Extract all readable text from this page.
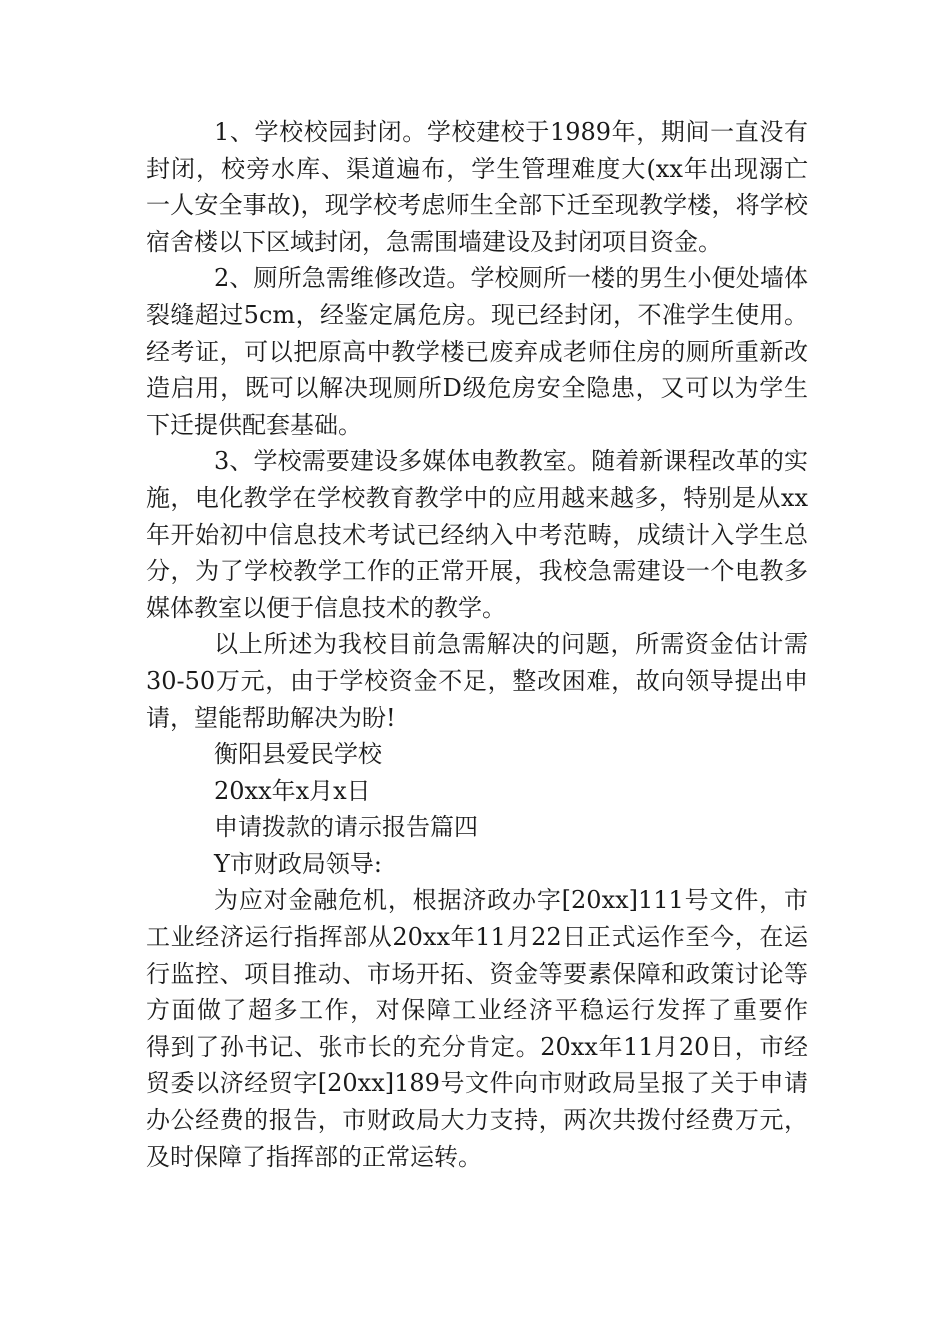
1、学校校园封闭。学校建校于1989年，期间一直没有
封闭，校旁水库、渠道遍布，学生管理难度大(xx年出现溺亡
一人安全事故)，现学校考虑师生全部下迁至现教学楼，将学校
宿舍楼以下区域封闭，急需围墙建设及封闭项目资金。
2、厕所急需维修改造。学校厕所一楼的男生小便处墙体
裂缝超过5cm，经鉴定属危房。现已经封闭，不准学生使用。
经考证，可以把原高中教学楼已废弃成老师住房的厕所重新改
造启用，既可以解决现厕所D级危房安全隐患，又可以为学生
下迁提供配套基础。
3、学校需要建设多媒体电教教室。随着新课程改革的实
施，电化教学在学校教育教学中的应用越来越多，特别是从xx
年开始初中信息技术考试已经纳入中考范畴，成绩计入学生总
分，为了学校教学工作的正常开展，我校急需建设一个电教多
媒体教室以便于信息技术的教学。
以上所述为我校目前急需解决的问题，所需资金估计需
30-50万元，由于学校资金不足，整改困难，故向领导提出申
请，望能帮助解决为盼!
衡阳县爱民学校
20xx年x月x日
申请拨款的请示报告篇四
Y市财政局领导:
为应对金融危机，根据济政办字[20xx]111号文件，市
工业经济运行指挥部从20xx年11月22日正式运作至今，在运
行监控、项目推动、市场开拓、资金等要素保障和政策讨论等
方面做了超多工作，对保障工业经济平稳运行发挥了重要作
得到了孙书记、张市长的充分肯定。20xx年11月20日，市经
贸委以济经贸字[20xx]189号文件向市财政局呈报了关于申请
办公经费的报告，市财政局大力支持，两次共拨付经费万元，
及时保障了指挥部的正常运转。
